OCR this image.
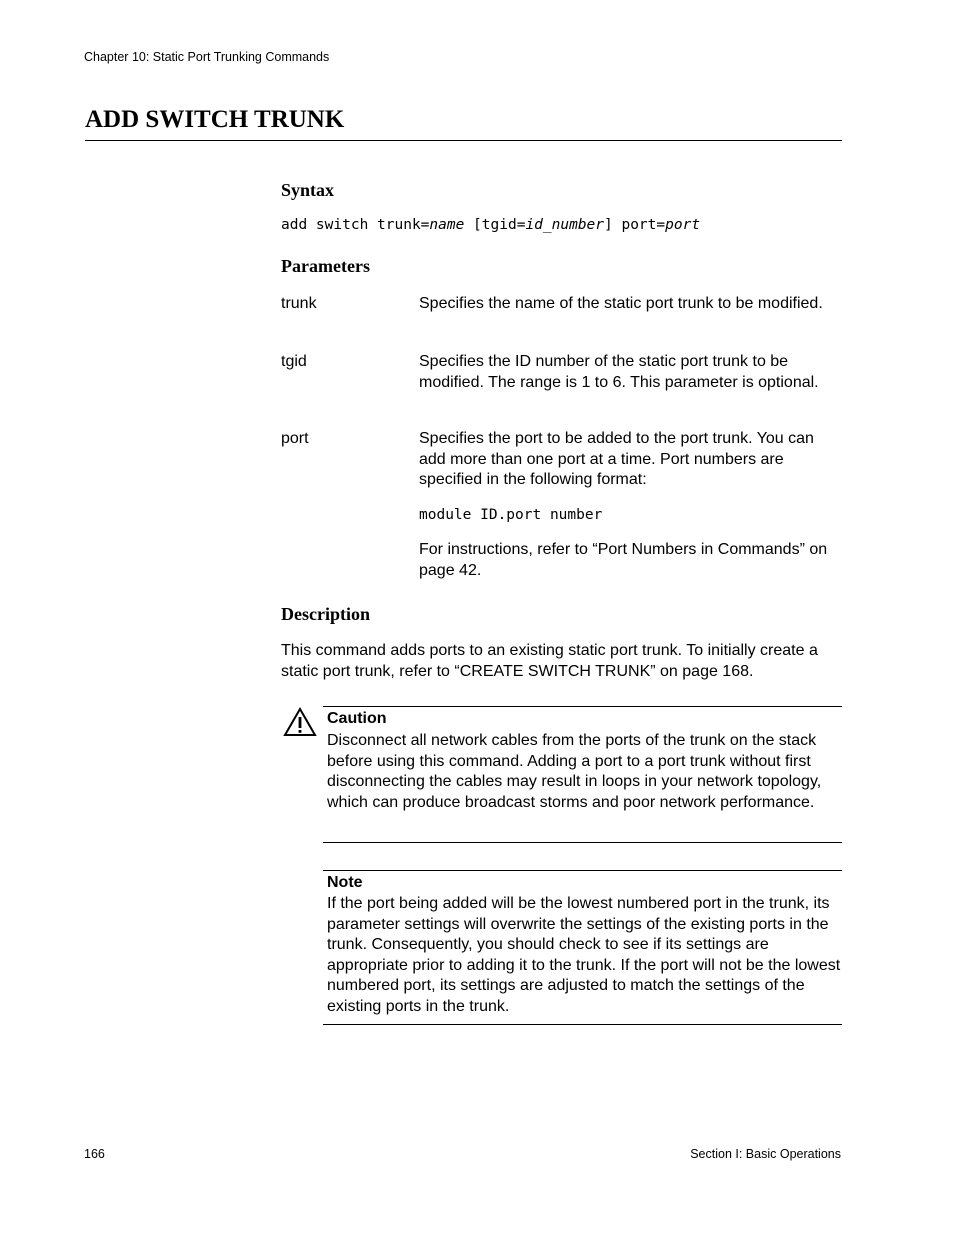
Chapter 10: Static Port Trunking Commands
ADD SWITCH TRUNK
Syntax
add switch trunk=name [tgid=id_number] port=port
Parameters
trunk	Specifies the name of the static port trunk to be modified.
tgid	Specifies the ID number of the static port trunk to be modified. The range is 1 to 6. This parameter is optional.
port	Specifies the port to be added to the port trunk. You can add more than one port at a time. Port numbers are specified in the following format:
module ID.port number
For instructions, refer to “Port Numbers in Commands” on page 42.
Description
This command adds ports to an existing static port trunk. To initially create a static port trunk, refer to “CREATE SWITCH TRUNK” on page 168.
Caution
Disconnect all network cables from the ports of the trunk on the stack before using this command. Adding a port to a port trunk without first disconnecting the cables may result in loops in your network topology, which can produce broadcast storms and poor network performance.
Note
If the port being added will be the lowest numbered port in the trunk, its parameter settings will overwrite the settings of the existing ports in the trunk. Consequently, you should check to see if its settings are appropriate prior to adding it to the trunk. If the port will not be the lowest numbered port, its settings are adjusted to match the settings of the existing ports in the trunk.
166	Section I: Basic Operations
